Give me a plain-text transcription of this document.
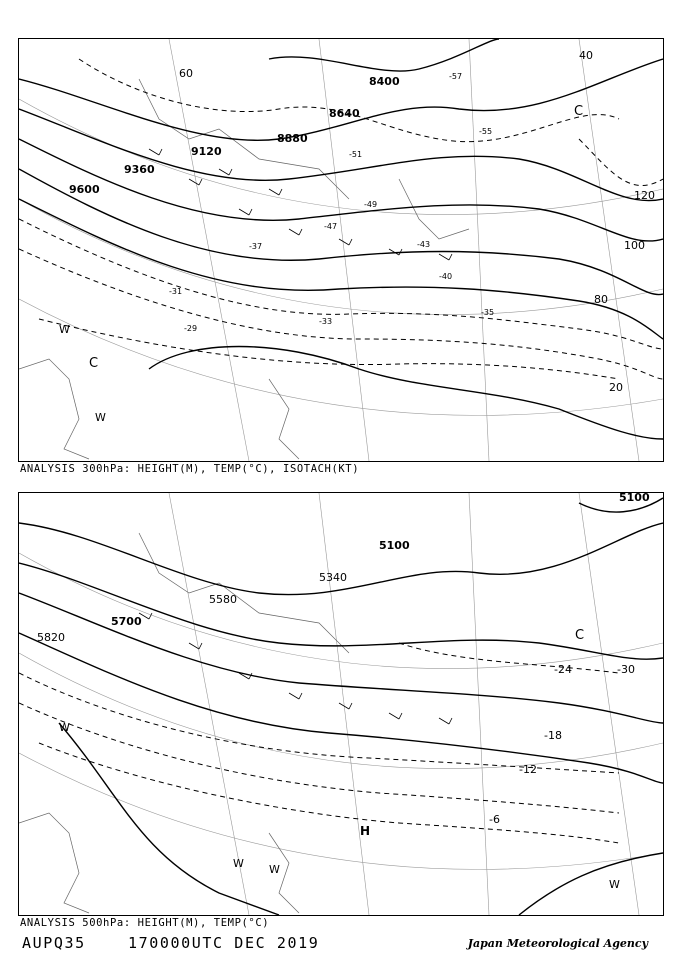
8400
8640
8880
9120
9360
9600
40
60
80
100
120
20
-57
-55
-51
-49
-47
-43
-40
-37
-35
-33
-31
-29
C
C
W
W
ANALYSIS 300hPa: HEIGHT(M), TEMP(°C), ISOTACH(KT)
5100
5100
5340
5580
5700
5820
-30
-24
-18
-12
-6
C
H
W
W
W
W
ANALYSIS 500hPa: HEIGHT(M), TEMP(°C)
AUPQ35	170000UTC DEC 2019	Japan Meteorological Agency
